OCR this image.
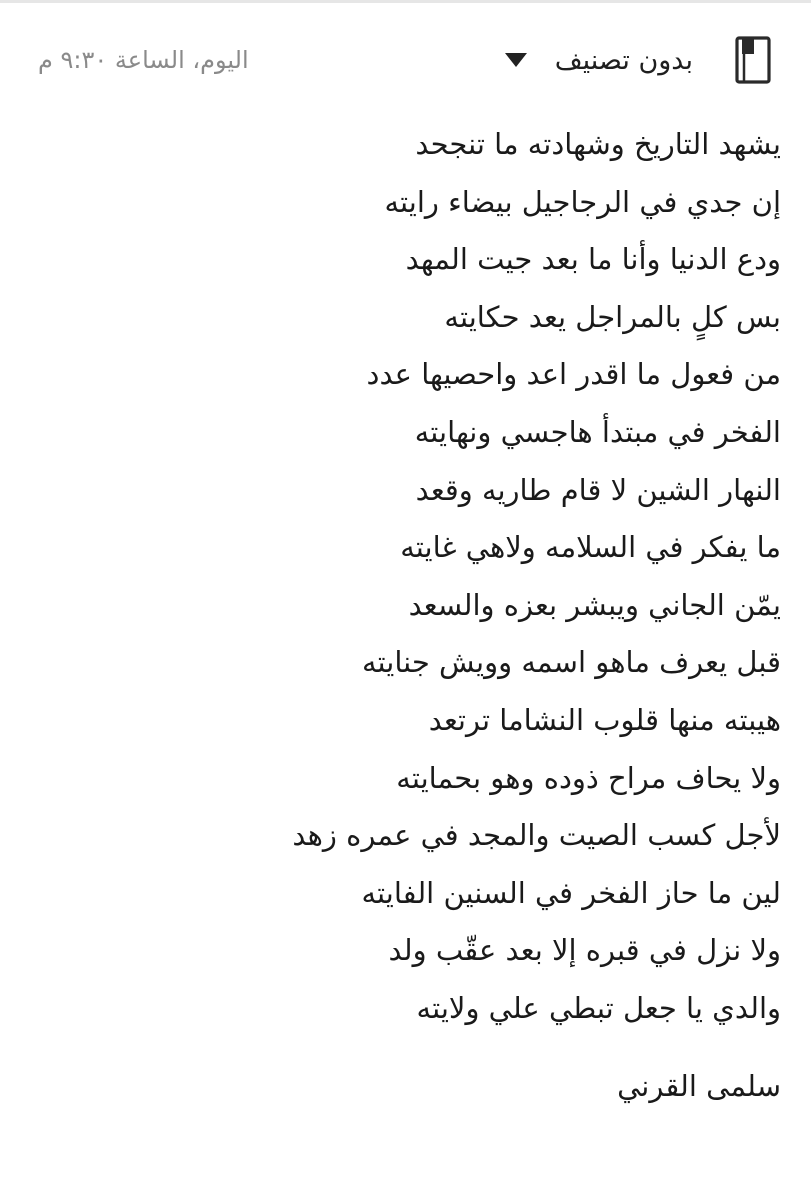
بدون تصنيف
اليوم، الساعة ٩:٣٠ م
يشهد التاريخ وشهادته ما تنجحد
إن جدي في الرجاجيل بيضاء رايته
ودع الدنيا وأنا ما بعد جيت المهد
بس كلٍ بالمراجل يعد حكايته
من فعول ما اقدر اعد واحصيها عدد
الفخر في مبتدأ هاجسي ونهايته
النهار الشين لا قام طاريه وقعد
ما يفكر في السلامه ولاهي غايته
يمّن الجاني ويبشر بعزه والسعد
قبل يعرف ماهو اسمه وويش جنايته
هيبته منها قلوب النشاما ترتعد
ولا يحاف مراح ذوده وهو بحمايته
لأجل كسب الصيت والمجد في عمره زهد
لين ما حاز الفخر في السنين الفايته
ولا نزل في قبره إلا بعد عقّب ولد
والدي يا جعل تبطي علي ولايته
سلمى القرني
